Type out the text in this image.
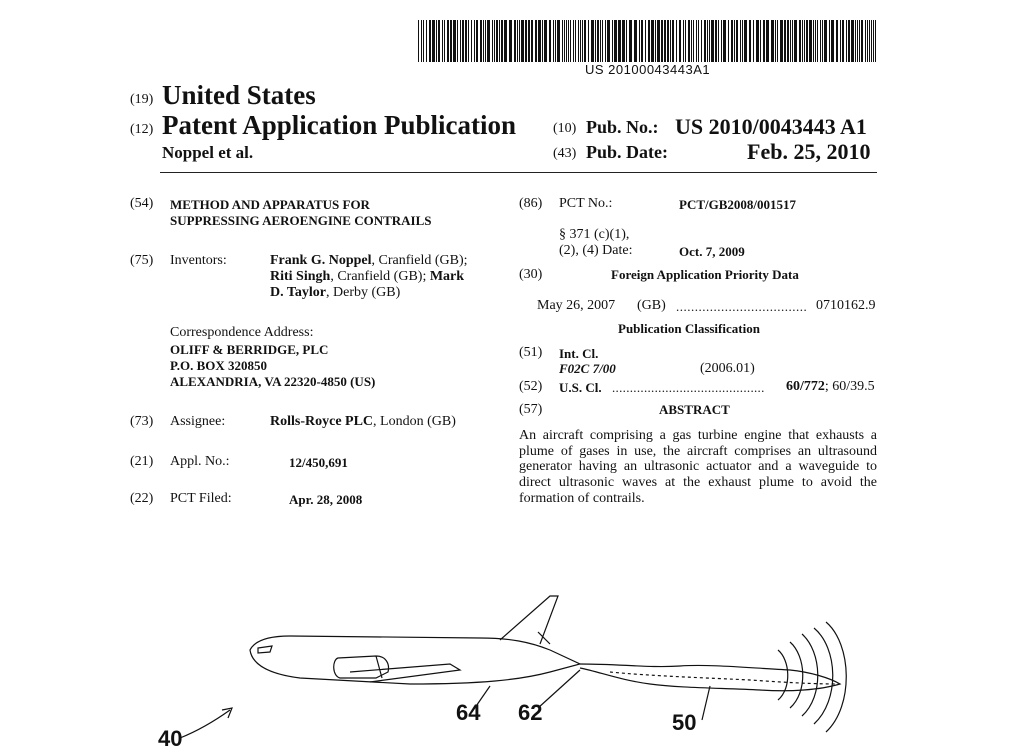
US 20100043443A1
(19) United States
(12) Patent Application Publication
Noppel et al.
(10) Pub. No.: US 2010/0043443 A1
(43) Pub. Date:	Feb. 25, 2010
(54) METHOD AND APPARATUS FOR
SUPPRESSING AEROENGINE CONTRAILS
(75) Inventors:	Frank G. Noppel, Cranfield (GB);
Riti Singh, Cranfield (GB); Mark
D. Taylor, Derby (GB)
Correspondence Address:
OLIFF & BERRIDGE, PLC
P.O. BOX 320850
ALEXANDRIA, VA 22320-4850 (US)
(73) Assignee:	Rolls-Royce PLC, London (GB)
(21) Appl. No.:	12/450,691
(22) PCT Filed:	Apr. 28, 2008
(86) PCT No.:	PCT/GB2008/001517
§ 371 (c)(1),
(2), (4) Date:	Oct. 7, 2009
(30)	Foreign Application Priority Data
May 26, 2007 (GB) ................................... 0710162.9
Publication Classification
(51) Int. Cl.
F02C 7/00	(2006.01)
(52) U.S. Cl. ........................................... 60/772; 60/39.5
(57)	ABSTRACT
An aircraft comprising a gas turbine engine that exhausts a
plume of gases in use, the aircraft comprises an ultrasound
generator having an ultrasonic actuator and a waveguide to
direct ultrasonic waves at the exhaust plume to avoid the
formation of contrails.
40
64 62	50
